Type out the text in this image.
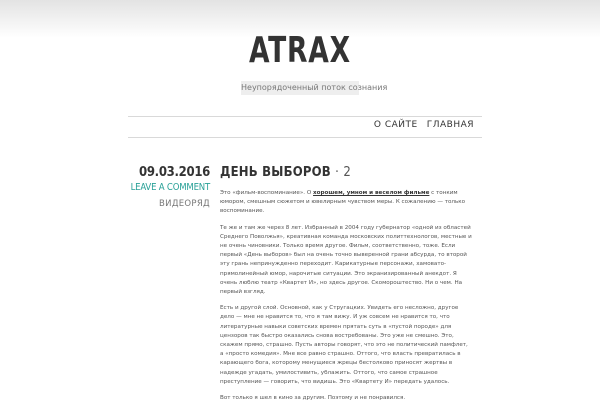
ATRAX
Неупорядоченный поток сознания
О САЙТЕ ГЛАВНАЯ
09.03.2016
LEAVE A COMMENT
ВИДЕОРЯД
ДЕНЬ ВЫБОРОВ · 2

Это «фильм-воспоминание». О хорошем, умном и веселом фильме с тонким юмором, смешным сюжетом и ювелирным чувством меры. К сожалению — только воспоминание.

Те же и там же через 8 лет. Избранный в 2004 году губернатор «одной из областей Среднего Поволжья», креативная команда московских политтехнологов, местные и не очень чиновники. Только время другое. Фильм, соответственно, тоже. Если первый «День выборов» был на очень точно выверенной грани абсурда, то второй эту грань непринужденно переходит. Карикатурные персонажи, хамовато-прямолинейный юмор, нарочитые ситуации. Это экранизированный анекдот. Я очень люблю театр «Квартет И», но здесь другое. Скомороштество. Ни о чем. На первый взгляд.

Есть и другой слой. Основной, как у Стругацких. Увидеть его несложно, другое дело — мне не нравится то, что я там вижу. И уж совсем не нравится то, что литературные навыки советских времен прятать суть в «пустой породе» для цензоров так быстро оказались снова востребованы. Это уже не смешно. Это, скажем прямо, страшно. Пусть авторы говорят, что это не политический памфлет, а «просто комедия». Мне все равно страшно. Оттого, что власть превратилась в карающего бога, которому менущиеся жрецы бестолково приносят жертвы в надежде угадать, умилостивить, ублажить. Оттого, что самое страшное преступление — говорить, что видишь. Это «Квартету И» передать удалось.

Вот только я шел в кино за другим. Поэтому и не понравился.
